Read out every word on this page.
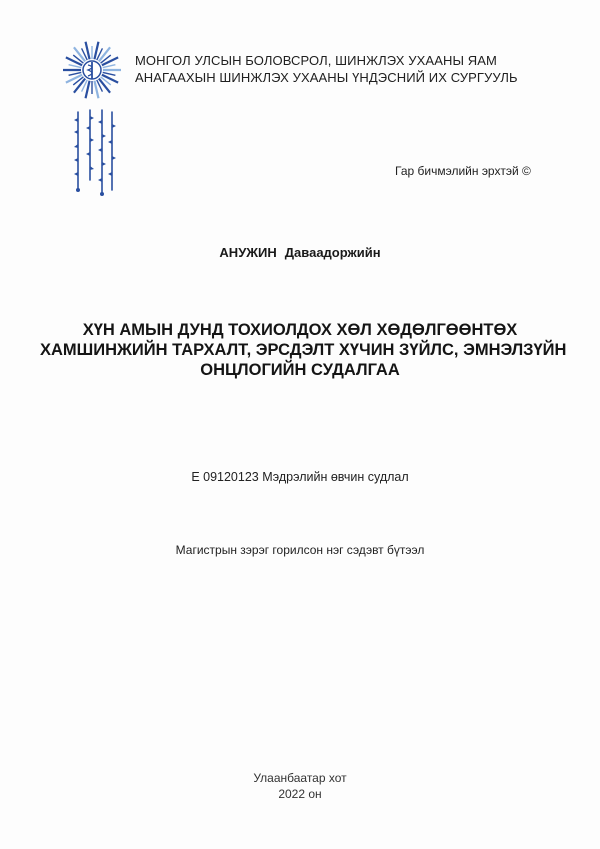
МОНГОЛ УЛСЫН БОЛОВСРОЛ, ШИНЖЛЭХ УХААНЫ ЯАМ
АНАГААХЫН ШИНЖЛЭХ УХААНЫ ҮНДЭСНИЙ ИХ СУРГУУЛЬ
Гар бичмэлийн эрхтэй ©
АНУЖИН Даваадоржийн
ХҮН АМЫН ДУНД ТОХИОЛДОХ ХӨЛ ХӨДӨЛГӨӨНТӨХ
ХАМШИНЖИЙН ТАРХАЛТ, ЭРСДЭЛТ ХҮЧИН ЗҮЙЛС, ЭМНЭЛЗҮЙН
ОНЦЛОГИЙН СУДАЛГАА
E 09120123 Мэдрэлийн өвчин судлал
Магистрын зэрэг горилсон нэг сэдэвт бүтээл
Улаанбаатар хот
2022 он
